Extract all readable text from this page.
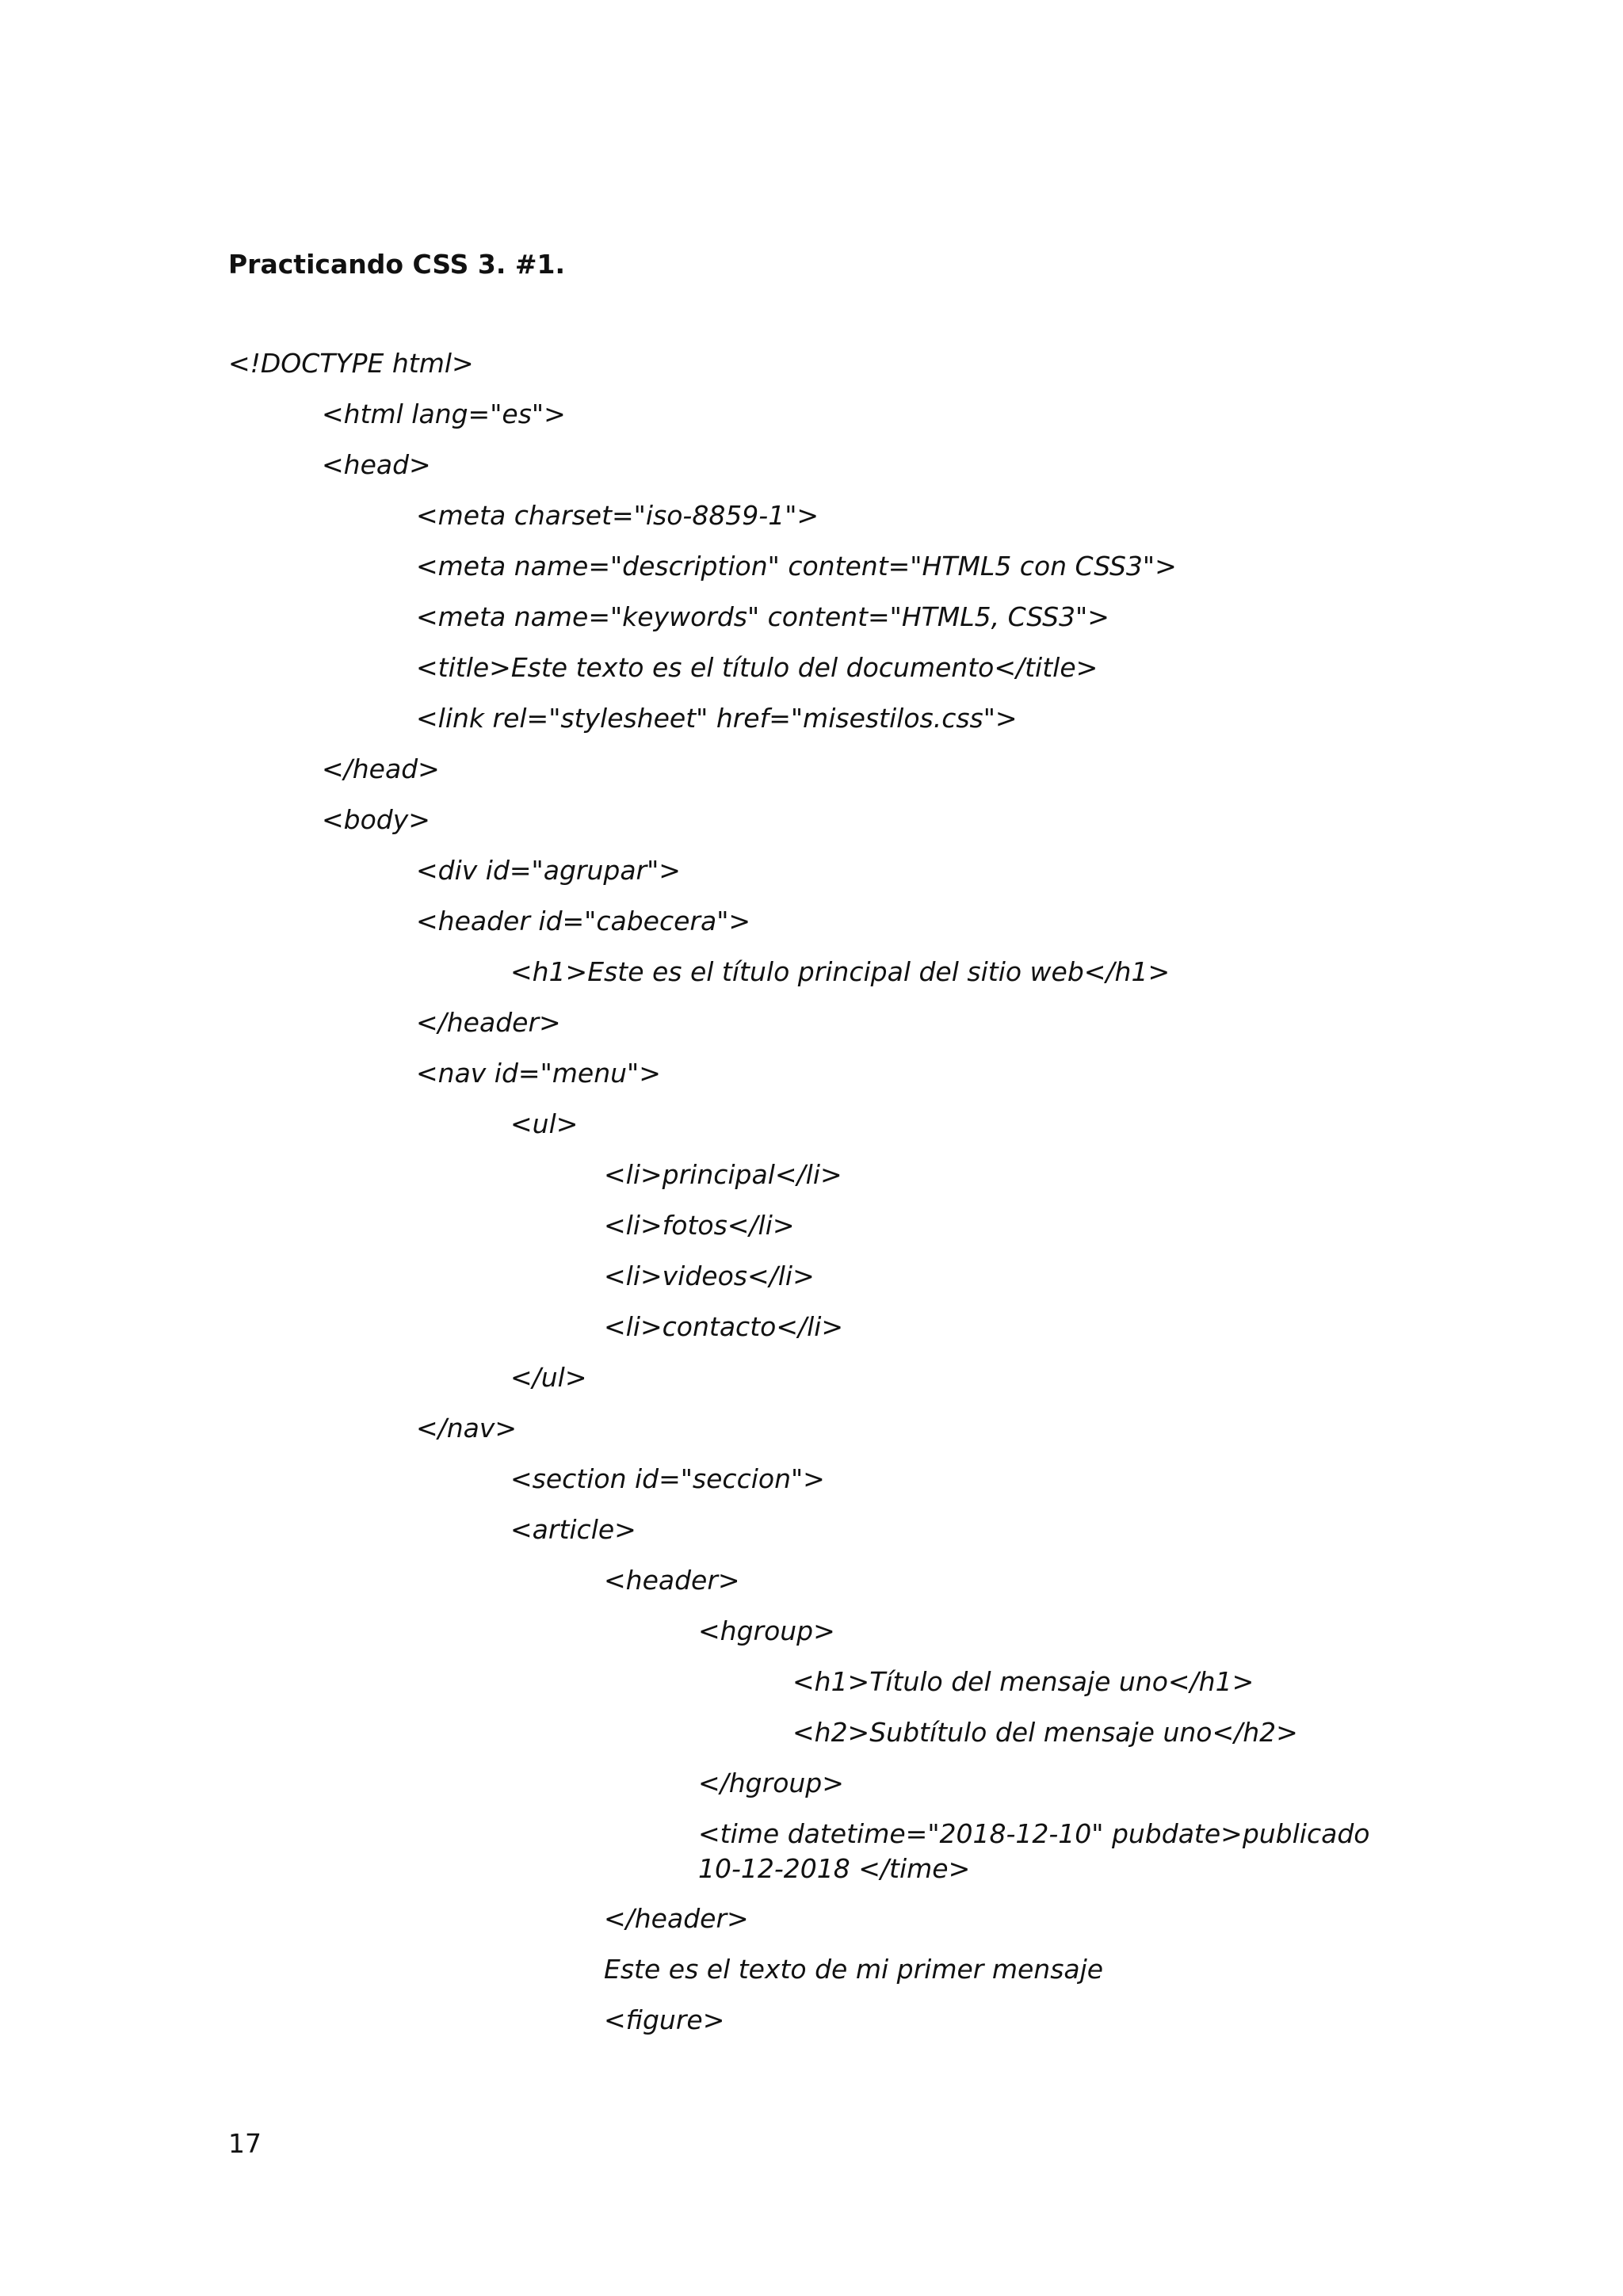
Practicando CSS 3. #1.
<!DOCTYPE html>
<html lang="es">
<head>
<meta charset="iso-8859-1">
<meta name="description" content="HTML5 con CSS3">
<meta name="keywords" content="HTML5, CSS3">
<title>Este texto es el título del documento</title>
<link rel="stylesheet" href="misestilos.css">
</head>
<body>
<div id="agrupar">
<header id="cabecera">
<h1>Este es el título principal del sitio web</h1>
</header>
<nav id="menu">
<ul>
<li>principal</li>
<li>fotos</li>
<li>videos</li>
<li>contacto</li>
</ul>
</nav>
<section id="seccion">
<article>
<header>
<hgroup>
<h1>Título del mensaje uno</h1>
<h2>Subtítulo del mensaje uno</h2>
</hgroup>
<time datetime="2018-12-10" pubdate>publicado 10-12-2018 </time>
</header>
Este es el texto de mi primer mensaje
<figure>
17
